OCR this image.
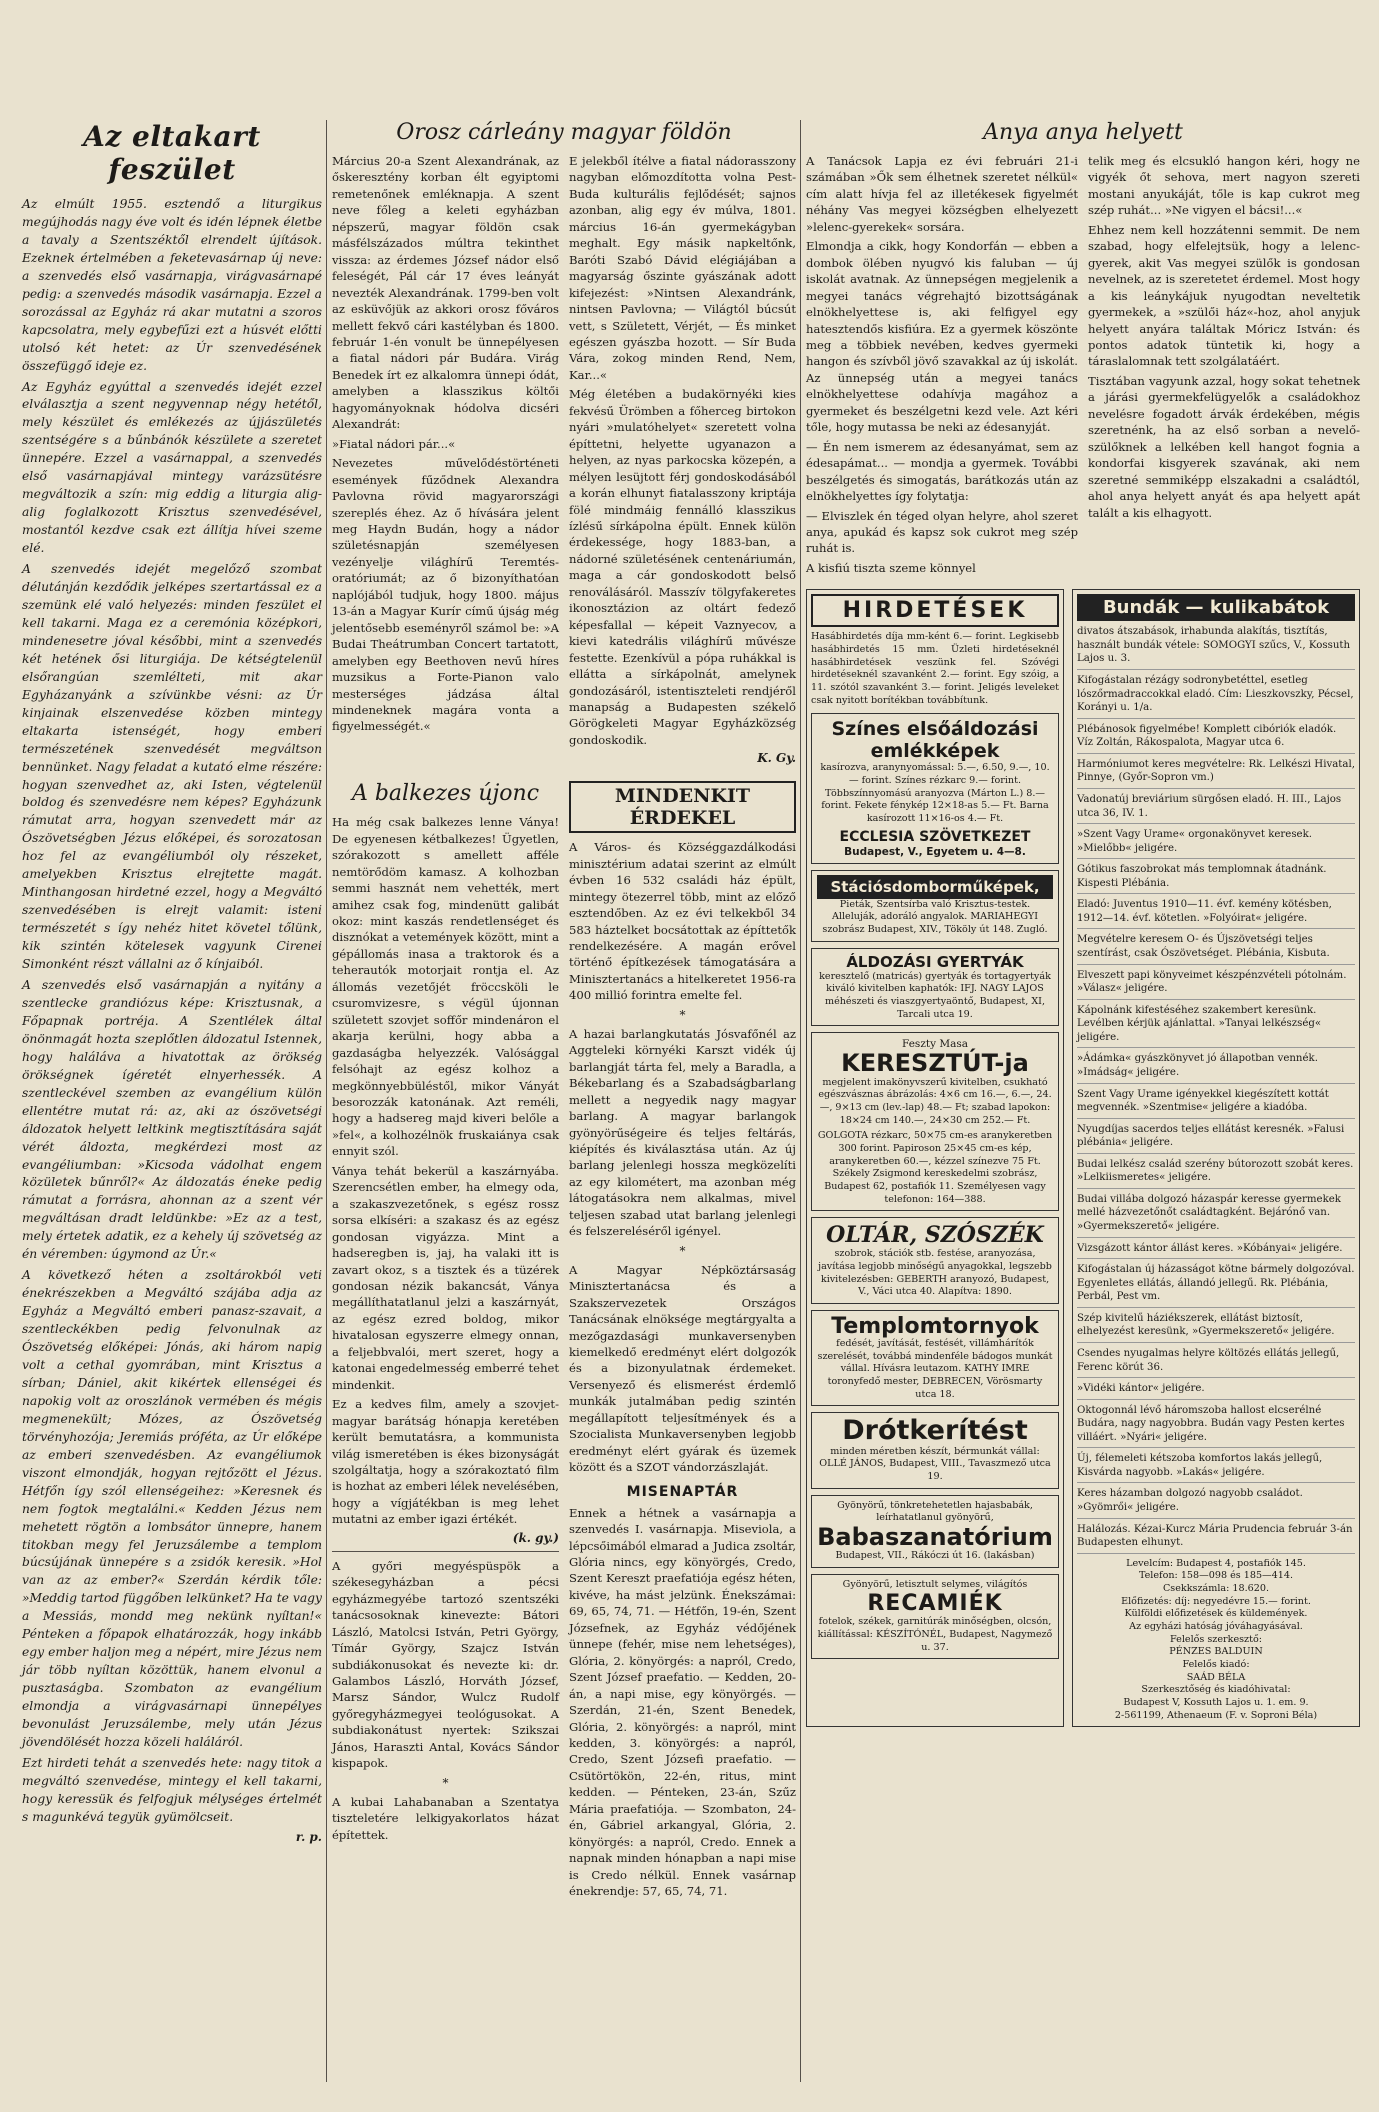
Az eltakart feszület

Az elmúlt 1955. esztendő a liturgikus megújhodás nagy éve volt és idén lépnek életbe a tavaly a Szentszéktől elrendelt újítások. Ezeknek értelmében a feketevasárnap új neve: a szenvedés első vasárnapja, virágvasárnapé pedig: a szenvedés második vasárnapja. Ezzel a sorozással az Egyház rá akar mutatni a szoros kapcsolatra, mely egybefűzi ezt a húsvét előtti utolsó két hetet: az Úr szenvedésének összefüggő ideje ez.

Az Egyház egyúttal a szenvedés idejét ezzel elválasztja a szent negyvennap négy hetétől, mely készület és emlékezés az újjászületés szentségére s a bűnbánók készülete a szeretet ünnepére. Ezzel a vasárnappal, a szenvedés első vasárnapjával mintegy varázsütésre megváltozik a szín: mig eddig a liturgia alig-alig foglalkozott Krisztus szenvedésével, mostantól kezdve csak ezt állítja hívei szeme elé.

A szenvedés idejét megelőző szombat délutánján kezdődik jelképes szertartással ez a szemünk elé való helyezés: minden feszület el kell takarni. Maga ez a ceremónia középkori, mindenesetre jóval későbbi, mint a szenvedés két hetének ősi liturgiája. De kétségtelenül elsőrangúan szemlélteti, mit akar Egyházanyánk a szívünkbe vésni: az Úr kinjainak elszenvedése közben mintegy eltakarta istenségét, hogy emberi természetének szenvedését megváltson bennünket. Nagy feladat a kutató elme részére: hogyan szenvedhet az, aki Isten, végtelenül boldog és szenvedésre nem képes? Egyházunk rámutat arra, hogyan szenvedett már az Ószövetségben Jézus előképei, és sorozatosan hoz fel az evangéliumból oly részeket, amelyekben Krisztus elrejtette magát. Minthangosan hirdetné ezzel, hogy a Megváltó szenvedésében is elrejt valamit: isteni természetét s így nehéz hitet követel tőlünk, kik szintén kötelesek vagyunk Cirenei Simonként részt vállalni az ő kínjaiból.

A szenvedés első vasárnapján a nyitány a szentlecke grandiózus képe: Krisztusnak, a Főpapnak portréja. A Szentlélek által önönmagát hozta szeplőtlen áldozatul Istennek, hogy haláláva a hivatottak az örökség örökségnek ígéretét elnyerhessék. A szentleckével szemben az evangélium külön ellentétre mutat rá: az, aki az ószövetségi áldozatok helyett leltkink megtisztítására saját vérét áldozta, megkérdezi most az evangéliumban: »Kicsoda vádolhat engem közületek bűnről?« Az áldozatás éneke pedig rámutat a forrásra, ahonnan az a szent vér megváltásan dradt leldünkbe: »Ez az a test, mely értetek adatik, ez a kehely új szövetség az én véremben: úgymond az Úr.«

A következő héten a zsoltárokból veti énekrészekben a Megváltó szájába adja az Egyház a Megváltó emberi panasz-szavait, a szentleckékben pedig felvonulnak az Ószövetség előképei: Jónás, aki három napig volt a cethal gyomrában, mint Krisztus a sírban; Dániel, akit kikértek ellenségei és napokig volt az oroszlánok vermében és mégis megmenekült; Mózes, az Ószövetség törvényhozója; Jeremiás próféta, az Úr előképe az emberi szenvedésben. Az evangéliumok viszont elmondják, hogyan rejtőzött el Jézus. Hétfőn így szól ellenségeihez: »Keresnek és nem fogtok megtalálni.« Kedden Jézus nem mehetett rögtön a lombsátor ünnepre, hanem titokban megy fel Jeruzsálembe a templom búcsújának ünnepére s a zsidók keresik. »Hol van az az ember?« Szerdán kérdik tőle: »Meddig tartod függőben lelkünket? Ha te vagy a Messiás, mondd meg nekünk nyíltan!« Pénteken a főpapok elhatározzák, hogy inkább egy ember haljon meg a népért, mire Jézus nem jár több nyíltan közöttük, hanem elvonul a pusztaságba. Szombaton az evangélium elmondja a virágvasárnapi ünnepélyes bevonulást Jeruzsálembe, mely után Jézus jövendölését hozza közeli haláláról.

Ezt hirdeti tehát a szenvedés hete: nagy titok a megváltó szenvedése, mintegy el kell takarni, hogy keressük és felfogjuk mélységes értelmét s magunkévá tegyük gyümölcseit.

r. p.
Orosz cárleány magyar földön

Március 20-a Szent Alexandrának, az őskeresztény korban élt egyiptomi remetenőnek emléknapja. A szent neve főleg a keleti egyházban népszerű, magyar földön csak másfélszázados múltra tekinthet vissza: az érdemes József nádor első feleségét, Pál cár 17 éves leányát nevezték Alexandrának. 1799-ben volt az esküvőjük az akkori orosz főváros mellett fekvő cári kastélyban és 1800. február 1-én vonult be ünnepélyesen a fiatal nádori pár Budára. Virág Benedek írt ez alkalomra ünnepi ódát, amelyben a klasszikus költői hagyományoknak hódolva dicséri Alexandrát:

»Fiatal nádori pár...«

Nevezetes művelődéstörténeti események fűződnek Alexandra Pavlovna rövid magyarországi szereplés éhez. Az ő hívására jelent meg Haydn Budán, hogy a nádor születésnapján személyesen vezényelje világhírű Teremtés-oratóriumát; az ő bizonyíthatóan naplójából tudjuk, hogy 1800. május 13-án a Magyar Kurír című újság még jelentősebb eseményről számol be: »A Budai Theátrumban Concert tartatott, amelyben egy Beethoven nevű híres muzsikus a Forte-Pianon valo mesterséges jádzása által mindeneknek magára vonta a figyelmességét.«

E jelekből ítélve a fiatal nádorasszony nagyban előmozdította volna Pest-Buda kulturális fejlődését; sajnos azonban, alig egy év múlva, 1801. március 16-án gyermekágyban meghalt. Egy másik napkeltőnk, Baróti Szabó Dávid elégiájában a magyarság őszinte gyászának adott kifejezést: »Nintsen Alexandránk, nintsen Pavlovna; — Világtól búcsút vett, s Született, Vérjét, — És minket egészen gyászba hozott. — Sír Buda Vára, zokog minden Rend, Nem, Kar...«

Még életében a budakörnyéki kies fekvésű Ürömben a főherceg birtokon nyári »mulatóhelyet« szeretett volna építtetni, helyette ugyanazon a helyen, az nyas parkocska közepén, a mélyen lesüjtott férj gondoskodásából a korán elhunyt fiatalasszony kriptája fölé mindmáig fennálló klasszikus ízlésű sírkápolna épült. Ennek külön érdekessége, hogy 1883-ban, a nádorné születésének centenáriumán, maga a cár gondoskodott belső renoválásáról. Masszív tölgyfakeretes ikonosztázion az oltárt fedező képesfallal — képeit Vaznyecov, a kievi katedrális világhírű művésze festette. Ezenkívül a pópa ruhákkal is ellátta a sírkápolnát, amelynek gondozásáról, istentiszteleti rendjéről manapság a Budapesten székelő Görögkeleti Magyar Egyházközség gondoskodik.

K. Gy.
A balkezes újonc

Ha még csak balkezes lenne Ványa! De egyenesen kétbalkezes! Ügyetlen, szórakozott s amellett afféle nemtörődöm kamasz. A kolhozban semmi hasznát nem vehették, mert amihez csak fog, mindenütt galibát okoz: mint kaszás rendetlenséget és disznókat a vetemények között, mint a gépállomás inasa a traktorok és a teherautók motorjait rontja el. Az állomás vezetőjét fröccsköli le csuromvizesre, s végül újonnan született szovjet soffőr mindenáron el akarja kerülni, hogy abba a gazdaságba helyezzék. Valósággal felsóhajt az egész kolhoz a megkönnyebbüléstől, mikor Ványát besorozzák katonának. Azt reméli, hogy a hadsereg majd kiveri belőle a »fel«, a kolhozélnök fruskaiánya csak ennyit szól.

Ványa tehát bekerül a kaszárnyába. Szerencsétlen ember, ha elmegy oda, a szakaszvezetőnek, s egész rossz sorsa elkíséri: a szakasz és az egész gondosan vigyázza. Mint a hadseregben is, jaj, ha valaki itt is zavart okoz, s a tisztek és a tüzérek gondosan nézik bakancsát, Ványa megállíthatatlanul jelzi a kaszárnyát, az egész ezred boldog, mikor hivatalosan egyszerre elmegy onnan, a feljebbvalói, mert szeret, hogy a katonai engedelmesség emberré tehet mindenkit.

Ez a kedves film, amely a szovjet-magyar barátság hónapja keretében került bemutatásra, a kommunista világ ismeretében is ékes bizonyságát szolgáltatja, hogy a szórakoztató film is hozhat az emberi lélek nevelésében, hogy a vígjátékban is meg lehet mutatni az ember igazi értékét.

(k. gy.)

A győri megyéspüspök a székesegyházban a pécsi egyházmegyébe tartozó szentszéki tanácsosoknak kinevezte: Bátori László, Matolcsi István, Petri György, Tímár György, Szajcz István subdiákonusokat és nevezte ki: dr. Galambos László, Horváth József, Marsz Sándor, Wulcz Rudolf győregyházmegyei teológusokat. A subdiakonátust nyertek: Szikszai János, Haraszti Antal, Kovács Sándor kispapok.

*

A kubai Lahabanaban a Szentatya tiszteletére lelkigyakorlatos házat építettek.

MINDENKIT ÉRDEKEL

A Város- és Községgazdálkodási minisztérium adatai szerint az elmúlt évben 16 532 családi ház épült, mintegy ötezerrel több, mint az előző esztendőben. Az ez évi telkekből 34 583 háztelket bocsátottak az építtetők rendelkezésére. A magán erővel történő építkezések támogatására a Minisztertanács a hitelkeretet 1956-ra 400 millió forintra emelte fel.

*

A hazai barlangkutatás Jósvafőnél az Aggteleki környéki Karszt vidék új barlangját tárta fel, mely a Baradla, a Békebarlang és a Szabadságbarlang mellett a negyedik nagy magyar barlang. A magyar barlangok gyönyörűségeire és teljes feltárás, kiépítés és kiválasztása után. Az új barlang jelenlegi hossza megközelíti az egy kilométert, ma azonban még látogatásokra nem alkalmas, mivel teljesen szabad utat barlang jelenlegi és felszereléséről igényel.

*

A Magyar Népköztársaság Minisztertanácsa és a Szakszervezetek Országos Tanácsának elnöksége megtárgyalta a mezőgazdasági munkaversenyben kiemelkedő eredményt elért dolgozók és a bizonyulatnak érdemeket. Versenyező és elismerést érdemlő munkák jutalmában pedig szintén megállapított teljesítmények és a Szocialista Munkaversenyben legjobb eredményt elért gyárak és üzemek között és a SZOT vándorzászlaját.

MISENAPTÁR

Ennek a hétnek a vasárnapja a szenvedés I. vasárnapja. Miseviola, a lépcsőimából elmarad a Judica zsoltár, Glória nincs, egy könyörgés, Credo, Szent Kereszt praefatiója egész héten, kivéve, ha mást jelzünk. Énekszámai: 69, 65, 74, 71. — Hétfőn, 19-én, Szent Józsefnek, az Egyház védőjének ünnepe (fehér, mise nem lehetséges), Glória, 2. könyörgés: a napról, Credo, Szent József praefatio. — Kedden, 20-án, a napi mise, egy könyörgés. — Szerdán, 21-én, Szent Benedek, Glória, 2. könyörgés: a napról, mint kedden, 3. könyörgés: a napról, Credo, Szent Józsefi praefatio. — Csütörtökön, 22-én, ritus, mint kedden. — Pénteken, 23-án, Szűz Mária praefatiója. — Szombaton, 24-én, Gábriel arkangyal, Glória, 2. könyörgés: a napról, Credo. Ennek a napnak minden hónapban a napi mise is Credo nélkül. Ennek vasárnap énekrendje: 57, 65, 74, 71.

Anya anya helyett

A Tanácsok Lapja ez évi februári 21-i számában »Ők sem élhetnek szeretet nélkül« cím alatt hívja fel az illetékesek figyelmét néhány Vas megyei községben elhelyezett »lelenc-gyerekek« sorsára.

Elmondja a cikk, hogy Kondorfán — ebben a dombok ölében nyugvó kis faluban — új iskolát avatnak. Az ünnepségen megjelenik a megyei tanács végrehajtó bizottságának elnökhelyettese is, aki felfigyel egy hatesztendős kisfiúra. Ez a gyermek köszönte meg a többiek nevében, kedves gyermeki hangon és szívből jövő szavakkal az új iskolát. Az ünnepség után a megyei tanács elnökhelyettese odahívja magához a gyermeket és beszélgetni kezd vele. Azt kéri tőle, hogy mutassa be neki az édesanyját.

— Én nem ismerem az édesanyámat, sem az édesapámat... — mondja a gyermek. További beszélgetés és simogatás, barátkozás után az elnökhelyettes így folytatja:

— Elviszlek én téged olyan helyre, ahol szeret anya, apukád és kapsz sok cukrot meg szép ruhát is.

A kisfiú tiszta szeme könnyel

telik meg és elcsukló hangon kéri, hogy ne vigyék őt sehova, mert nagyon szereti mostani anyukáját, tőle is kap cukrot meg szép ruhát... »Ne vigyen el bácsi!...«

Ehhez nem kell hozzátenni semmit. De nem szabad, hogy elfelejtsük, hogy a lelenc-gyerek, akit Vas megyei szülők is gondosan nevelnek, az is szeretetet érdemel. Most hogy a kis leánykájuk nyugodtan neveltetik gyermekek, a »szülői ház«-hoz, ahol anyjuk helyett anyára találtak Móricz István: és pontos adatok tüntetik ki, hogy a táraslalomnak tett szolgálatáért.

Tisztában vagyunk azzal, hogy sokat tehetnek a járási gyermekfelügyelők a családokhoz nevelésre fogadott árvák érdekében, mégis szeretnénk, ha az első sorban a nevelő-szülőknek a lelkében kell hangot fognia a kondorfai kisgyerek szavának, aki nem szeretné semmiképp elszakadni a családtól, ahol anya helyett anyát és apa helyett apát talált a kis elhagyott.

HIRDETÉSEK
Hasábhirdetés díja mm-ként 6.— forint. Legkisebb hasábhirdetés 15 mm. Üzleti hirdetéseknél hasábhirdetések veszünk fel. Szóvégi hirdetéseknél szavanként 2.— forint. Egy szóig, a 11. szótól szavanként 3.— forint. Jeligés leveleket csak nyitott borítékban továbbítunk.
Színes elsőáldozási emlékképek
kasírozva, aranynyomással: 5.—, 6.50, 9.—, 10.— forint. Színes rézkarc 9.— forint. Többszínnyomású aranyozva (Márton L.) 8.— forint. Fekete fénykép 12×18-as 5.— Ft. Barna kasírozott 11×16-os 4.— Ft.
ECCLESIA SZÖVETKEZET
Budapest, V., Egyetem u. 4—8.
Stációsdomborműképek,
Pieták, Szentsírba való Krisztus-testek. Alleluják, adoráló angyalok. MARIAHEGYI szobrász Budapest, XIV., Tököly út 148. Zugló.
ÁLDOZÁSI GYERTYÁK
keresztelő (matricás) gyertyák és tortagyertyák kiváló kivitelben kaphatók: IFJ. NAGY LAJOS méhészeti és viaszgyertyaöntő, Budapest, XI, Tarcali utca 19.
Feszty Masa
KERESZTÚT-ja
megjelent imakönyvszerű kivitelben, csukható egészvásznas ábrázolás: 4×6 cm 16.—, 6.—, 24.—, 9×13 cm (lev.-lap) 48.— Ft; szabad lapokon: 18×24 cm 140.—, 24×30 cm 252.— Ft.
GOLGOTA rézkarc, 50×75 cm-es aranykeretben 300 forint. Papiroson 25×45 cm-es kép, aranykeretben 60.—, kézzel színezve 75 Ft. Székely Zsigmond kereskedelmi szobrász, Budapest 62, postafiók 11. Személyesen vagy telefonon: 164—388.
OLTÁR, SZÓSZÉK
szobrok, stációk stb. festése, aranyozása, javítása legjobb minőségű anyagokkal, legszebb kivitelezésben: GEBERTH aranyozó, Budapest, V., Váci utca 40. Alapítva: 1890.
Templomtornyok
fedését, javítását, festését, villámhárítók szerelését, továbbá mindenféle bádogos munkát vállal. Hívásra leutazom. KATHY IMRE toronyfedő mester, DEBRECEN, Vörösmarty utca 18.
Drótkerítést
minden méretben készít, bérmunkát vállal: OLLÉ JÁNOS, Budapest, VIII., Tavaszmező utca 19.
Gyönyörű, tönkretehetetlen hajasbabák, leírhatatlanul gyönyörű,
Babaszanatórium
Budapest, VII., Rákóczi út 16. (lakásban)
Gyönyörű, letisztult selymes, világítós
RECAMIÉK
fotelok, székek, garnitúrák minőségben, olcsón, kiállítással: KÉSZÍTÓNÉL, Budapest, Nagymező u. 37.
Bundák — kulikabátok
divatos átszabások, irhabunda alakítás, tisztítás, használt bundák vétele: SOMOGYI szűcs, V., Kossuth Lajos u. 3.
Kifogástalan rézágy sodronybetéttel, esetleg lószőrmadraccokkal eladó. Cím: Lieszkovszky, Pécsel, Korányi u. 1/a.
Plébánosok figyelmébe! Komplett cibóriók eladók. Víz Zoltán, Rákospalota, Magyar utca 6.
Harmóniumot keres megvételre: Rk. Lelkészi Hivatal, Pinnye, (Győr-Sopron vm.)
Vadonatúj breviárium sürgősen eladó. H. III., Lajos utca 36, IV. 1.
»Szent Vagy Urame« orgonakönyvet keresek. »Mielőbb« jeligére.
Gótikus faszobrokat más templomnak átadnánk. Kispesti Plébánia.
Eladó: Juventus 1910—11. évf. kemény kötésben, 1912—14. évf. kötetlen. »Folyóirat« jeligére.
Megvételre keresem O- és Újszövetségi teljes szentírást, csak Ószövetséget. Plébánia, Kisbuta.
Elveszett papi könyveimet készpénzvételi pótolnám. »Válasz« jeligére.
Kápolnánk kifestéséhez szakembert keresünk. Levélben kérjük ajánlattal. »Tanyai lelkészség« jeligére.
»Ádámka« gyászkönyvet jó állapotban vennék. »Imádság« jeligére.
Szent Vagy Urame igényekkel kiegészített kottát megvennék. »Szentmise« jeligére a kiadóba.
Nyugdíjas sacerdos teljes ellátást keresnék. »Falusi plébánia« jeligére.
Budai lelkész család szerény bútorozott szobát keres. »Lelkiismeretes« jeligére.
Budai villába dolgozó házaspár keresse gyermekek mellé házvezetőnőt családtagként. Bejárónő van. »Gyermekszerető« jeligére.
Vizsgázott kántor állást keres. »Kóbányai« jeligére.
Kifogástalan új házasságot kötne bármely dolgozóval. Egyenletes ellátás, állandó jellegű. Rk. Plébánia, Perbál, Pest vm.
Szép kivitelű háziékszerek, ellátást biztosít, elhelyezést keresünk, »Gyermekszerető« jeligére.
Csendes nyugalmas helyre költözés ellátás jellegű, Ferenc körút 36.
»Vidéki kántor« jeligére.
Oktogonnál lévő háromszoba hallost elcserélné Budára, nagy nagyobbra. Budán vagy Pesten kertes villáért. »Nyári« jeligére.
Új, félemeleti kétszoba komfortos lakás jellegű, Kisvárda nagyobb. »Lakás« jeligére.
Keres házamban dolgozó nagyobb családot. »Gyömrői« jeligére.
Halálozás. Kézai-Kurcz Mária Prudencia február 3-án Budapesten elhunyt.
Levelcím: Budapest 4, postafiók 145.
Telefon: 158—098 és 185—414.
Csekkszámla: 18.620.
Előfizetés: díj: negyedévre 15.— forint.
Külföldi előfizetések és küldemények.
Az egyházi hatóság jóváhagyásával.
Felelős szerkesztő:
PÉNZES BALDUIN
Felelős kiadó:
SAÁD BÉLA
Szerkesztőség és kiadóhivatal:
Budapest V, Kossuth Lajos u. 1. em. 9.
2-561199, Athenaeum (F. v. Soproni Béla)
